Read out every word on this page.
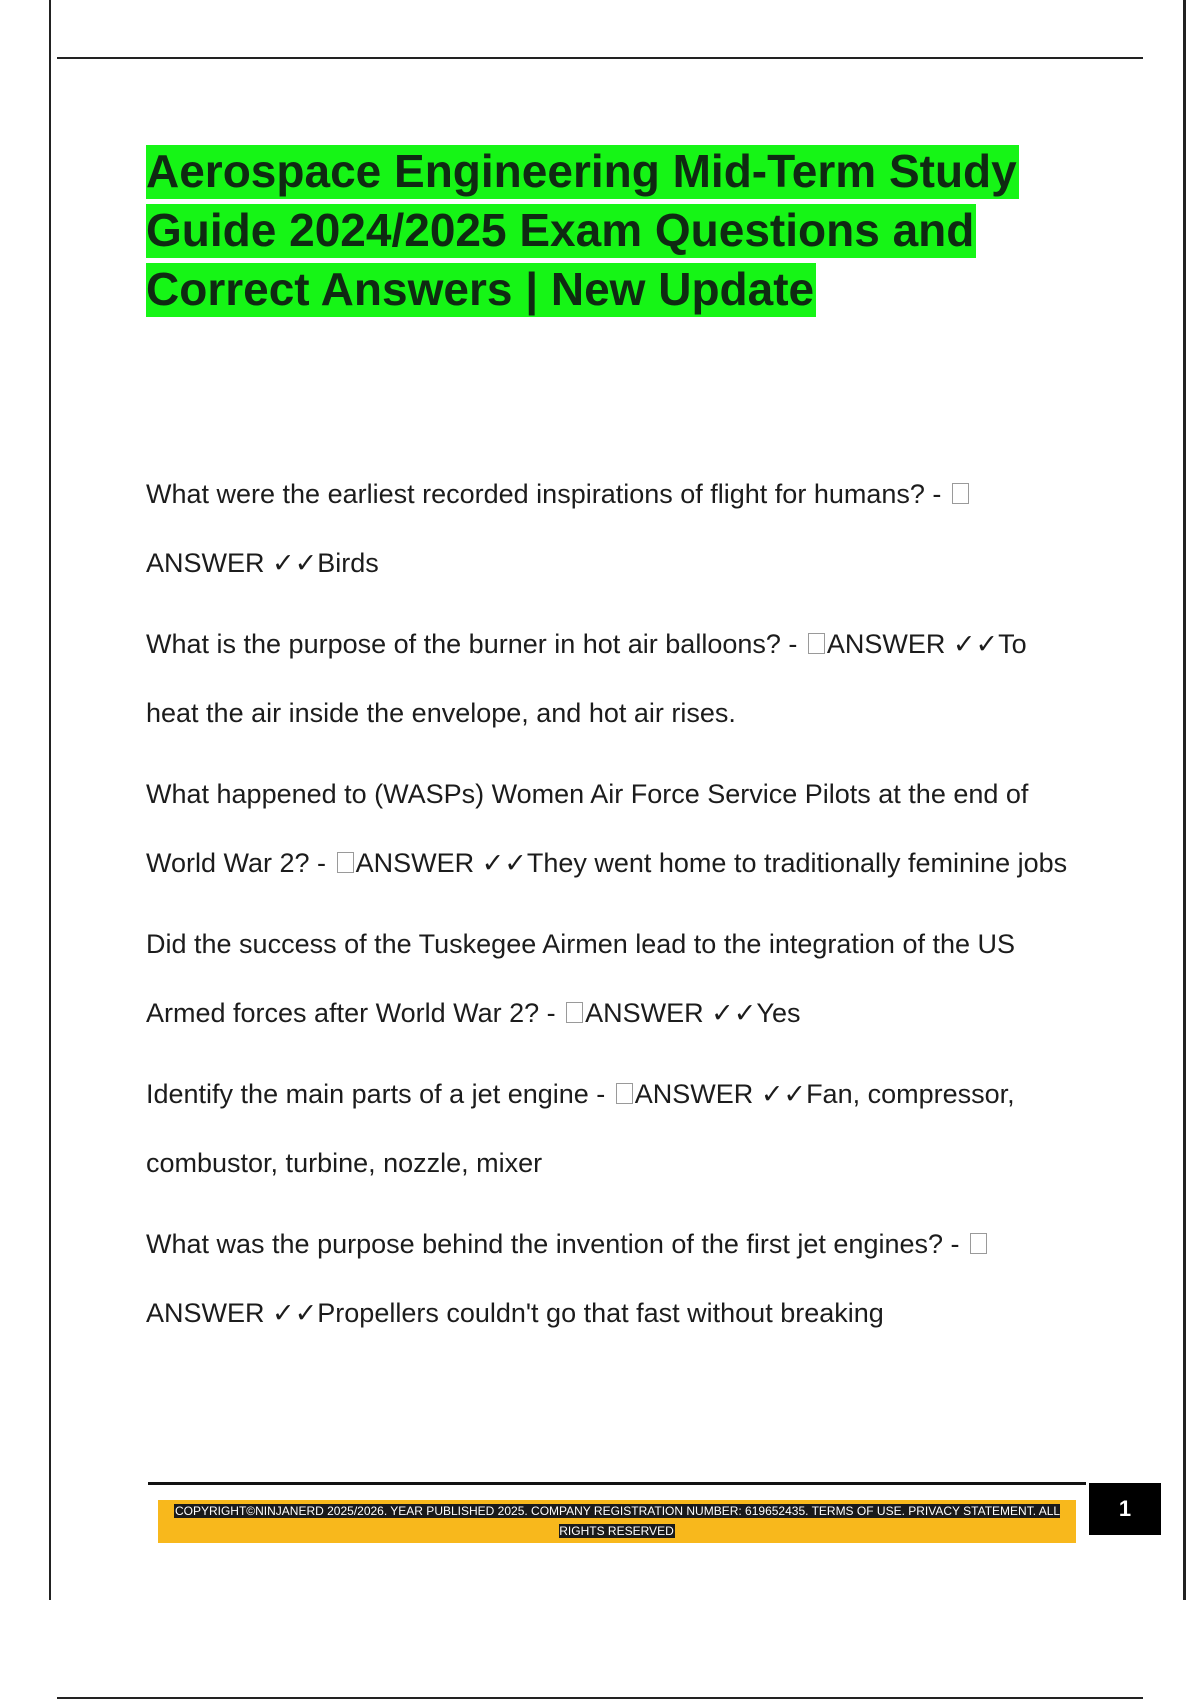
Aerospace Engineering Mid-Term Study Guide 2024/2025 Exam Questions and Correct Answers | New Update
What were the earliest recorded inspirations of flight for humans? - ANSWER ✓✓Birds
What is the purpose of the burner in hot air balloons? - ANSWER ✓✓To heat the air inside the envelope, and hot air rises.
What happened to (WASPs) Women Air Force Service Pilots at the end of World War 2? - ANSWER ✓✓They went home to traditionally feminine jobs
Did the success of the Tuskegee Airmen lead to the integration of the US Armed forces after World War 2? - ANSWER ✓✓Yes
Identify the main parts of a jet engine - ANSWER ✓✓Fan, compressor, combustor, turbine, nozzle, mixer
What was the purpose behind the invention of the first jet engines? - ANSWER ✓✓Propellers couldn't go that fast without breaking
COPYRIGHT©NINJANERD 2025/2026. YEAR PUBLISHED 2025. COMPANY REGISTRATION NUMBER: 619652435. TERMS OF USE. PRIVACY STATEMENT. ALL RIGHTS RESERVED
1
